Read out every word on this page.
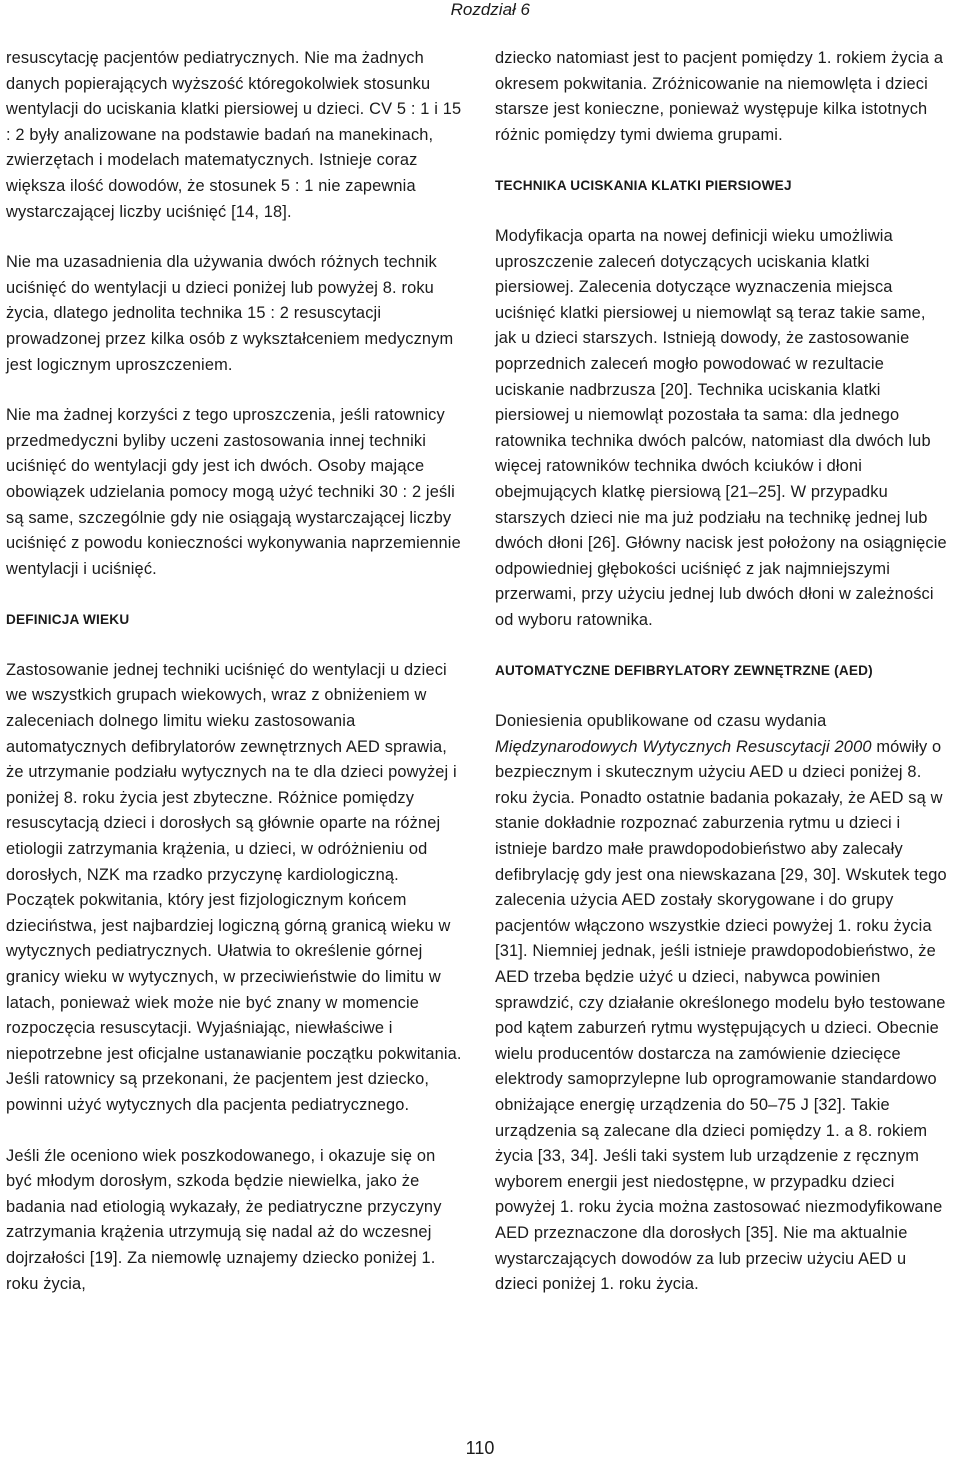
Rozdział 6

resuscytację pacjentów pediatrycznych. Nie ma żadnych danych popierających wyższość któregokolwiek stosunku wentylacji do uciskania klatki piersiowej u dzieci. CV 5 : 1 i 15 : 2 były analizowane na podstawie badań na manekinach, zwierzętach i modelach matematycznych. Istnieje coraz większa ilość dowodów, że stosunek 5 : 1 nie zapewnia wystarczającej liczby uciśnięć [14, 18].

Nie ma uzasadnienia dla używania dwóch różnych technik uciśnięć do wentylacji u dzieci poniżej lub powyżej 8. roku życia, dlatego jednolita technika 15 : 2 resuscytacji prowadzonej przez kilka osób z wykształceniem medycznym jest logicznym uproszczeniem.

Nie ma żadnej korzyści z tego uproszczenia, jeśli ratownicy przedmedyczni byliby uczeni zastosowania innej techniki uciśnięć do wentylacji gdy jest ich dwóch. Osoby mające obowiązek udzielania pomocy mogą użyć techniki 30 : 2 jeśli są same, szczególnie gdy nie osiągają wystarczającej liczby uciśnięć z powodu konieczności wykonywania naprzemiennie wentylacji i uciśnięć.

DEFINICJA WIEKU

Zastosowanie jednej techniki uciśnięć do wentylacji u dzieci we wszystkich grupach wiekowych, wraz z obniżeniem w zaleceniach dolnego limitu wieku zastosowania automatycznych defibrylatorów zewnętrznych AED sprawia, że utrzymanie podziału wytycznych na te dla dzieci powyżej i poniżej 8. roku życia jest zbyteczne. Różnice pomiędzy resuscytacją dzieci i dorosłych są głównie oparte na różnej etiologii zatrzymania krążenia, u dzieci, w odróżnieniu od dorosłych, NZK ma rzadko przyczynę kardiologiczną. Początek pokwitania, który jest fizjologicznym końcem dzieciństwa, jest najbardziej logiczną górną granicą wieku w wytycznych pediatrycznych. Ułatwia to określenie górnej granicy wieku w wytycznych, w przeciwieństwie do limitu w latach, ponieważ wiek może nie być znany w momencie rozpoczęcia resuscytacji. Wyjaśniając, niewłaściwe i niepotrzebne jest oficjalne ustanawianie początku pokwitania. Jeśli ratownicy są przekonani, że pacjentem jest dziecko, powinni użyć wytycznych dla pacjenta pediatrycznego.

Jeśli źle oceniono wiek poszkodowanego, i okazuje się on być młodym dorosłym, szkoda będzie niewielka, jako że badania nad etiologią wykazały, że pediatryczne przyczyny zatrzymania krążenia utrzymują się nadal aż do wczesnej dojrzałości [19]. Za niemowlę uznajemy dziecko poniżej 1. roku życia,

dziecko natomiast jest to pacjent pomiędzy 1. rokiem życia a okresem pokwitania. Zróżnicowanie na niemowlęta i dzieci starsze jest konieczne, ponieważ występuje kilka istotnych różnic pomiędzy tymi dwiema grupami.

TECHNIKA UCISKANIA KLATKI PIERSIOWEJ

Modyfikacja oparta na nowej definicji wieku umożliwia uproszczenie zaleceń dotyczących uciskania klatki piersiowej. Zalecenia dotyczące wyznaczenia miejsca uciśnięć klatki piersiowej u niemowląt są teraz takie same, jak u dzieci starszych. Istnieją dowody, że zastosowanie poprzednich zaleceń mogło powodować w rezultacie uciskanie nadbrzusza [20]. Technika uciskania klatki piersiowej u niemowląt pozostała ta sama: dla jednego ratownika technika dwóch palców, natomiast dla dwóch lub więcej ratowników technika dwóch kciuków i dłoni obejmujących klatkę piersiową [21–25]. W przypadku starszych dzieci nie ma już podziału na technikę jednej lub dwóch dłoni [26]. Główny nacisk jest położony na osiągnięcie odpowiedniej głębokości uciśnięć z jak najmniejszymi przerwami, przy użyciu jednej lub dwóch dłoni w zależności od wyboru ratownika.

AUTOMATYCZNE DEFIBRYLATORY ZEWNĘTRZNE (AED)

Doniesienia opublikowane od czasu wydania Międzynarodowych Wytycznych Resuscytacji 2000 mówiły o bezpiecznym i skutecznym użyciu AED u dzieci poniżej 8. roku życia. Ponadto ostatnie badania pokazały, że AED są w stanie dokładnie rozpoznać zaburzenia rytmu u dzieci i istnieje bardzo małe prawdopodobieństwo aby zalecały defibrylację gdy jest ona niewskazana [29, 30]. Wskutek tego zalecenia użycia AED zostały skorygowane i do grupy pacjentów włączono wszystkie dzieci powyżej 1. roku życia [31]. Niemniej jednak, jeśli istnieje prawdopodobieństwo, że AED trzeba będzie użyć u dzieci, nabywca powinien sprawdzić, czy działanie określonego modelu było testowane pod kątem zaburzeń rytmu występujących u dzieci. Obecnie wielu producentów dostarcza na zamówienie dziecięce elektrody samoprzylepne lub oprogramowanie standardowo obniżające energię urządzenia do 50–75 J [32]. Takie urządzenia są zalecane dla dzieci pomiędzy 1. a 8. rokiem życia [33, 34]. Jeśli taki system lub urządzenie z ręcznym wyborem energii jest niedostępne, w przypadku dzieci powyżej 1. roku życia można zastosować niezmodyfikowane AED przeznaczone dla dorosłych [35]. Nie ma aktualnie wystarczających dowodów za lub przeciw użyciu AED u dzieci poniżej 1. roku życia.

110
